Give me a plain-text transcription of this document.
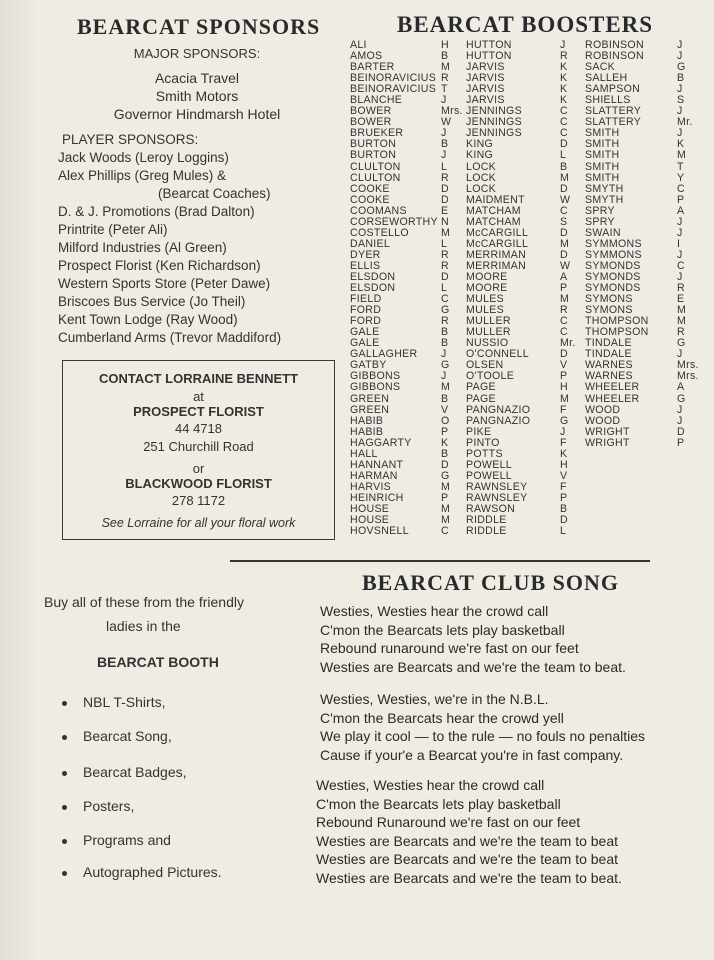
BEARCAT SPONSORS
MAJOR SPONSORS:
Acacia Travel
Smith Motors
Governor Hindmarsh Hotel
PLAYER SPONSORS:
Jack Woods (Leroy Loggins)
Alex Phillips (Greg Mules) &
(Bearcat Coaches)
D. & J. Promotions (Brad Dalton)
Printrite (Peter Ali)
Milford Industries (Al Green)
Prospect Florist (Ken Richardson)
Western Sports Store (Peter Dawe)
Briscoes Bus Service (Jo Theil)
Kent Town Lodge (Ray Wood)
Cumberland Arms (Trevor Maddiford)
CONTACT LORRAINE BENNETT
at
PROSPECT FLORIST
44 4718
251 Churchill Road
or
BLACKWOOD FLORIST
278 1172
See Lorraine for all your floral work
BEARCAT BOOSTERS
ALI	H
AMOS	B
BARTER	M
BEINORAVICIUS R
BEINORAVICIUS T
BLANCHE	J
BOWER	Mrs.
BOWER	W
BRUEKER	J
BURTON	B
BURTON	J
CLULTON	L
CLULTON	R
COOKE	D
COOKE	D
COOMANS	E
CORSEWORTHY N
COSTELLO	M
DANIEL	L
DYER	R
ELLIS	R
ELSDON	D
ELSDON	L
FIELD	C
FORD	G
FORD	R
GALE	B
GALE	B
GALLAGHER J
GATBY	G
GIBBONS	J
GIBBONS	M
GREEN	B
GREEN	V
HABIB	O
HABIB	P
HAGGARTY	K
HALL	B
HANNANT	D
HARMAN	G
HARVIS	M
HEINRICH	P
HOUSE	M
HOUSE	M
HOVSNELL	C
HUTTON	J
HUTTON	R
JARVIS	K
JARVIS	K
JARVIS	K
JARVIS	K
JENNINGS	C
JENNINGS	C
JENNINGS	C
KING	D
KING	L
LOCK	B
LOCK	M
LOCK	D
MAIDMENT	W
MATCHAM	C
MATCHAM	S
McCARGILL	D
McCARGILL	M
MERRIMAN	D
MERRIMAN	W
MOORE	A
MOORE	P
MULES	M
MULES	R
MULLER	C
MULLER	C
NUSSIO	Mr.
O'CONNELL	D
OLSEN	V
O'TOOLE	P
PAGE	H
PAGE	M
PANGNAZIO	F
PANGNAZIO	G
PIKE	J
PINTO	F
POTTS	K
POWELL	H
POWELL	V
RAWNSLEY	F
RAWNSLEY	P
RAWSON	B
RIDDLE	D
RIDDLE	L
ROBINSON	J
ROBINSON	J
SACK	G
SALLEH	B
SAMPSON	J
SHIELLS	S
SLATTERY	J
SLATTERY	Mr.
SMITH	J
SMITH	K
SMITH	M
SMITH	T
SMITH	Y
SMYTH	C
SMYTH	P
SPRY	A
SPRY	J
SWAIN	J
SYMMONS	I
SYMMONS	J
SYMONDS	C
SYMONDS	J
SYMONDS	R
SYMONS	E
SYMONS	M
THOMPSON	M
THOMPSON	R
TINDALE	G
TINDALE	J
WARNES	Mrs.
WARNES	Mrs.
WHEELER	A
WHEELER	G
WOOD	J
WOOD	J
WRIGHT	D
WRIGHT	P
Buy all of these from the friendly
ladies in the
BEARCAT BOOTH
NBL T-Shirts,
Bearcat Song,
Bearcat Badges,
Posters,
Programs and
Autographed Pictures.
BEARCAT CLUB SONG
Westies, Westies hear the crowd call
C'mon the Bearcats lets play basketball
Rebound runaround we're fast on our feet
Westies are Bearcats and we're the team to beat.
Westies, Westies, we're in the N.B.L.
C'mon the Bearcats hear the crowd yell
We play it cool — to the rule — no fouls no penalties
Cause if your'e a Bearcat you're in fast company.
Westies, Westies hear the crowd call
C'mon the Bearcats lets play basketball
Rebound Runaround we're fast on our feet
Westies are Bearcats and we're the team to beat
Westies are Bearcats and we're the team to beat
Westies are Bearcats and we're the team to beat.
